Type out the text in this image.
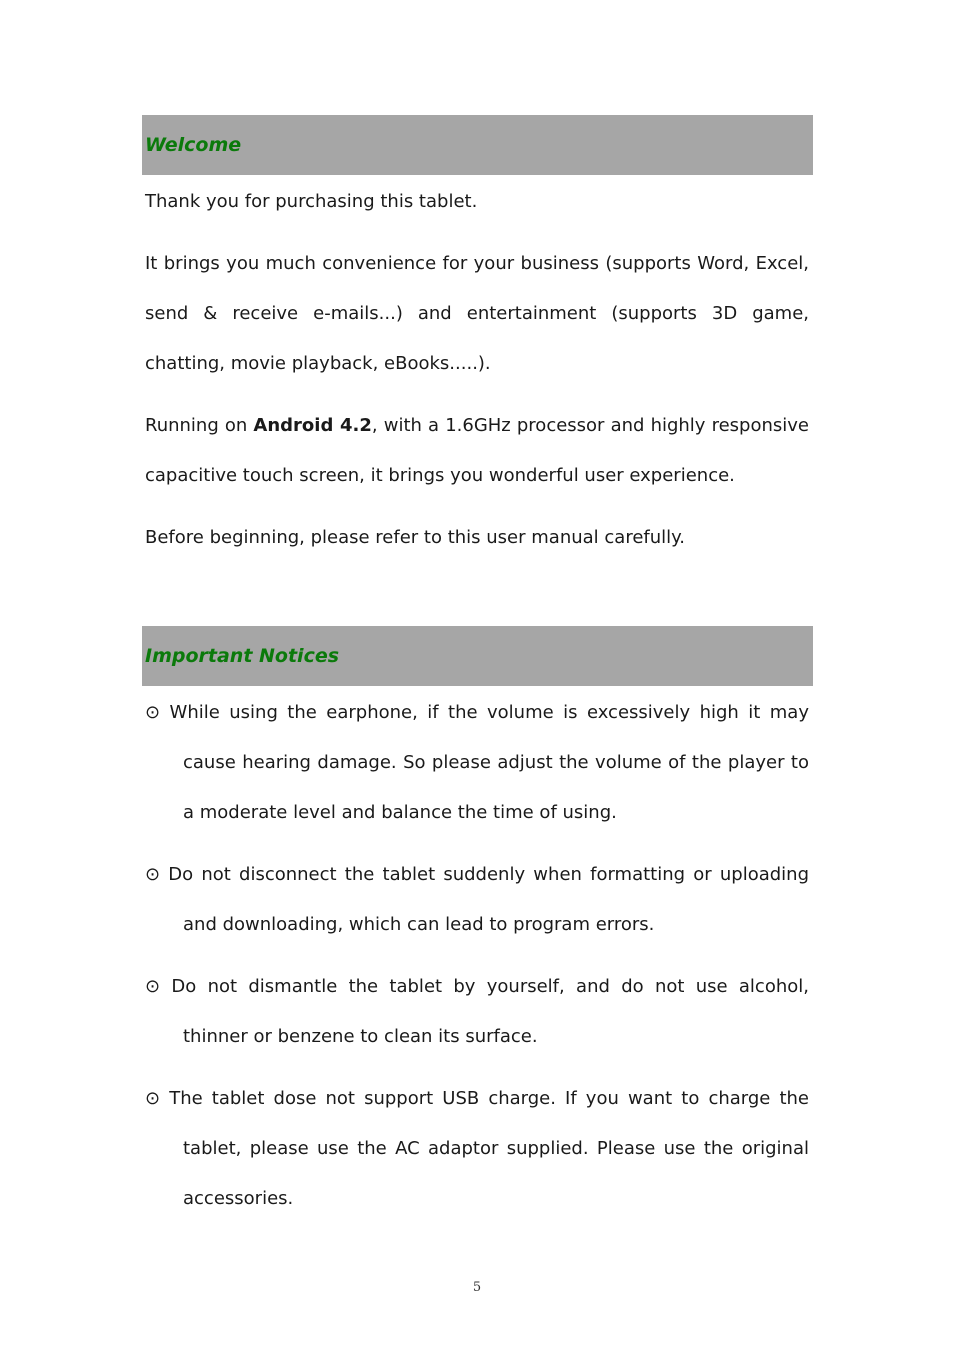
Welcome

Thank you for purchasing this tablet.

It brings you much convenience for your business (supports Word, Excel, send & receive e-mails...) and entertainment (supports 3D game, chatting, movie playback, eBooks.....).

Running on Android 4.2, with a 1.6GHz processor and highly responsive capacitive touch screen, it brings you wonderful user experience.

Before beginning, please refer to this user manual carefully.

Important Notices

⊙ While using the earphone, if the volume is excessively high it may cause hearing damage. So please adjust the volume of the player to a moderate level and balance the time of using.

⊙ Do not disconnect the tablet suddenly when formatting or uploading and downloading, which can lead to program errors.

⊙ Do not dismantle the tablet by yourself, and do not use alcohol, thinner or benzene to clean its surface.

⊙ The tablet dose not support USB charge. If you want to charge the tablet, please use the AC adaptor supplied. Please use the original accessories.

5
